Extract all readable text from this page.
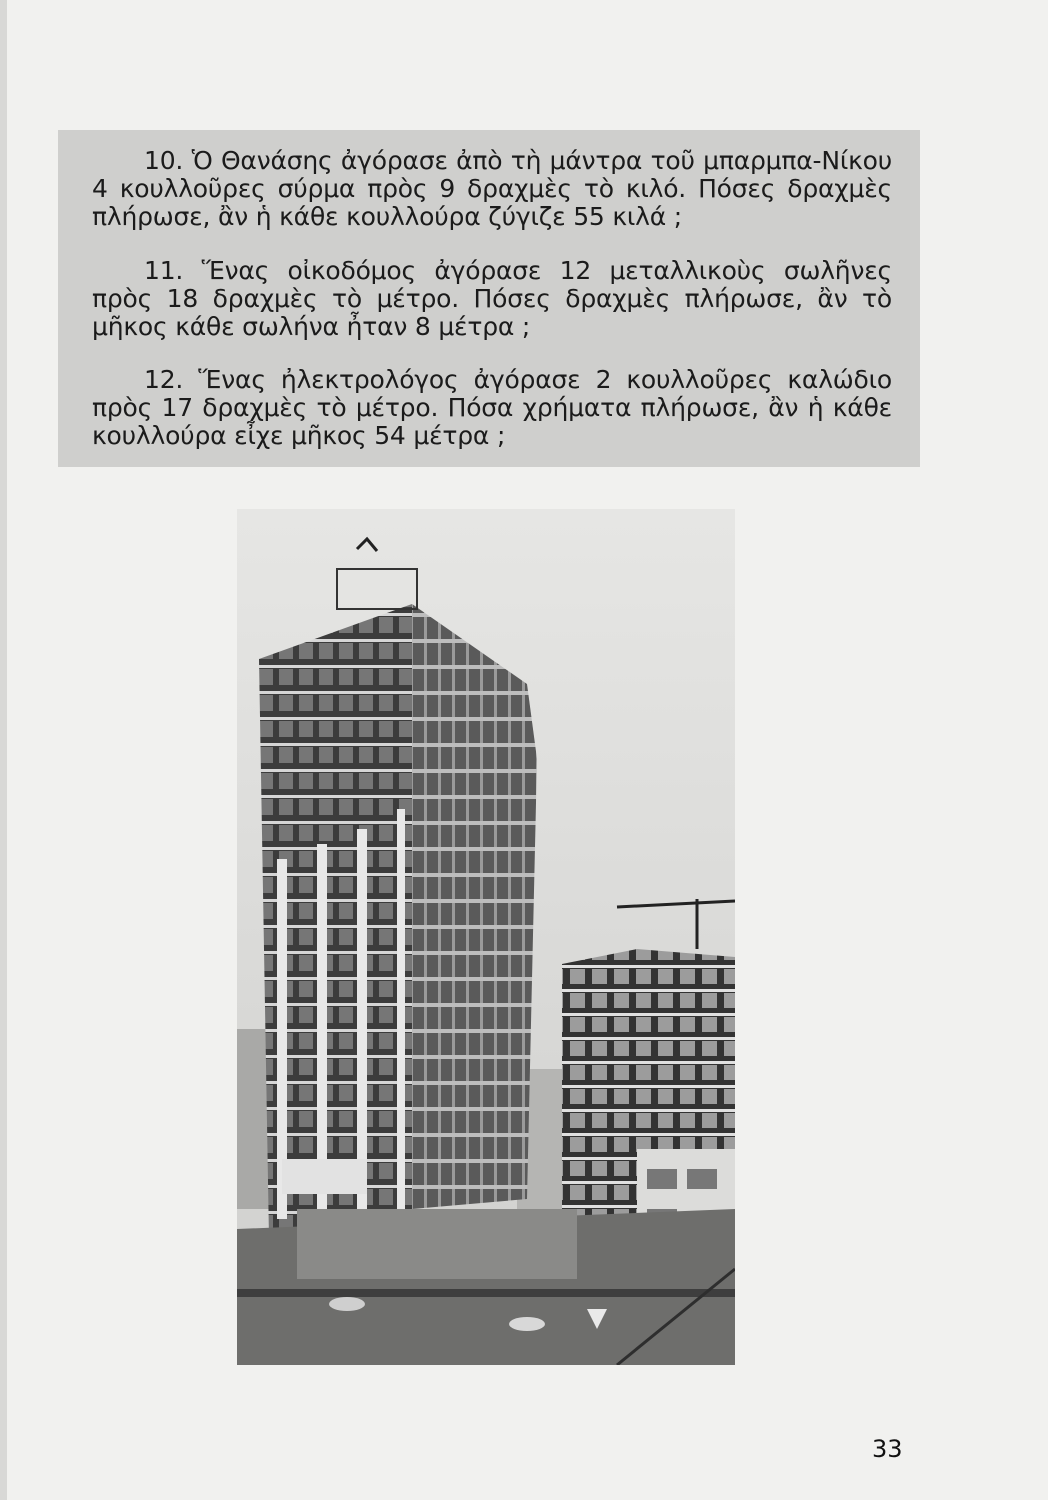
10. Ὁ Θανάσης ἀγόρασε ἀπὸ τὴ μάντρα τοῦ μπαρμπα-Νίκου 4 κουλλοῦρες σύρμα πρὸς 9 δραχμὲς τὸ κιλό. Πόσες δραχμὲς πλήρωσε, ἂν ἡ κάθε κουλλούρα ζύγιζε 55 κιλά ;
11. Ἕνας οἰκοδόμος ἀγόρασε 12 μεταλλικοὺς σωλῆνες πρὸς 18 δραχμὲς τὸ μέτρο. Πόσες δραχμὲς πλήρωσε, ἂν τὸ μῆκος κάθε σωλήνα ἦταν 8 μέτρα ;
12. Ἕνας ἠλεκτρολόγος ἀγόρασε 2 κουλλοῦρες καλώδιο πρὸς 17 δραχμὲς τὸ μέτρο. Πόσα χρήματα πλήρωσε, ἂν ἡ κάθε κουλλούρα εἶχε μῆκος 54 μέτρα ;
33
